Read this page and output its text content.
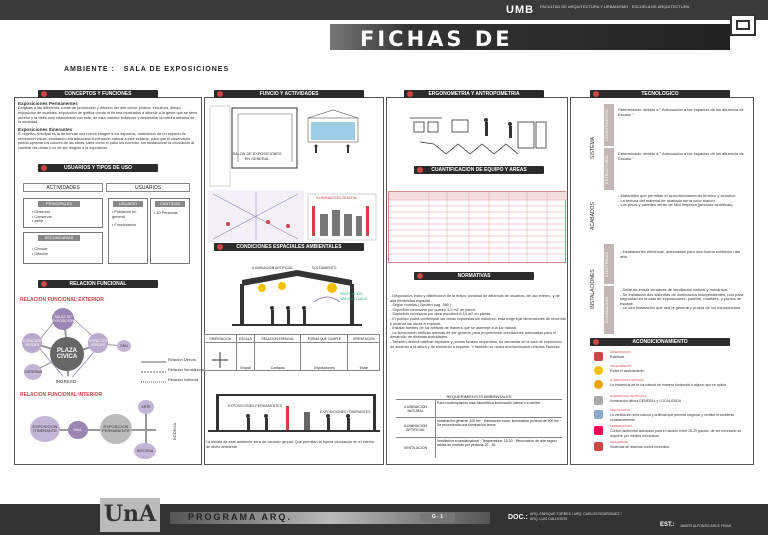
UMB FACULTAD DE ARQUITECTURA Y URBANISMO · ESCUELA DE ARQUITECTURA
FICHAS DE PROGRAMACION
AMBIENTE : SALA DE EXPOSICIONES
CONCEPTOS Y FUNCIONES
Exposiciones Permanentes
Dirigidas a las diferentes zonas de producción y difusión del arte como: pintura, escultura, dibujo, exposición de muebles, exposición de gráfica donde el fin sea mostrados a difundir a la gente que se tiene acceso y la visita muy relacionada con éste, de esta manera fortalecer y desarrollar la cultura artística de la sociedad.
Exposiciones Itinerantes
El objetivo principal es la de brindar una nueva imagen a los espacios, dotándolos de un espacio de recreación visual, brindando una adecuada iluminación natural a este espacio, para que el observador pueda apreciar los colores de las obras, tales como el patio los corredor, sin obstaculizar la circulación al cambiar las obras y no de ser dirigido a la exposición.
USUARIOS Y TIPOS DE USO
ACTIVIDADES
PRINCIPALES
• Observar
• Conservar
• exibir
SECUNDARIAS
• Circular
• Difusión
USUARIOS
USUARIO
• Población en general
• Funcionarios
CANTIDAD
• 30 Personas
RELACION FUNCIONAL
RELACION FUNCIONAL EXTERIOR
SALAS DE EXPOSICION
ESPACIOS VERDES
ESPACIOS VERDES
PLAZA CIVICA
GNU
CISTERNA
INGRESO
Relación Directa
Relación Semidirecta
Relación Indirecta
RELACION FUNCIONAL INTERIOR
EXPOSICION ITINERANTE	HALL
EXPOSICION PERMANENTE
ARTE
HISTORIA
BODEGA
FUNCIO Y ACTIVIDADES
SALON DE EXPOSICIONES EN GENERAL
ILUMINACION ZENITAL
CONDICIONES ESPACIALES AMBIENTALES
ILUMINACION ARTIFICIAL	SOLEAMIENTO
VENTILACION NATURAL DIAGO
ORIENTACION	ESCALA	RELACION ESPACIAL	FORMA QUE CUMPLE	ORIENTACION
	Grupal	Contacto	Exposiciones	Estar
EXPOSICIONES PERMANENTES
EXPOSICIONES ITINERANTES
La escala de este ambiente sera de carácter grupal. Que permitan la buena circulación en el interior de dicho ambiente
ERGONOMETRIA Y ANTROPOMETRIA
CUANTIFICACION DE EQUIPO Y AREAS
NORMATIVAS
- Disposición, inicio y distribución de la mayor cantidad de afluencia de usuarios, de uso interno, y de alta flexibilidad espacial.
- Según normas ( Neufert pag. 366 )
- Superficie necesaria por cuadro 3-5 m2 de pared.
- Superficie necesaria por obra escultura 6-10 m2 en planta.
- El público podrá contemplar las obras expuestas sin esfuerzo, esta exige fijar dimensiones de recorrido y ordenar las obras a exponer.
- Instalar fuentes de luz artificial de manera que se asemeje a la luz natural.
- La iluminación artificial además de ser general, para proporcionar condiciones adecuadas para el desarrollo de distintas actividades.
- También deberá calificar espacios y puntos focales requeridos, en demanda de la sala de exposición de acuerdo a la altura y de elemento a exponer. Y también se usara una iluminación efectos fluorosa.
REQUERIMIENTOS AMBIENTALES
ILUMINACION NATURAL
Para contemplación más fotométrica iluminación lateral o a cenital
ILUMINACION ARTIFICIAL
Iluminación general: 300 lux · Iluminación focal: iluminación puntual de 500 lux · Se recomienda una iluminación tenue
VENTILACION
Ventilación cruzada/natural · Temperatura: 18-20 · Renovación de aire según: tablas de normas por persona 20 - 30
TECNOLOGICO
SISTEMA
CONSTRUCTIVO
ESTRUCTURAL
Determinado: debido a " Adecuación a los espacios de los afluencia de Escaso "
Determinado: debido a " Adecuación a los espacios de los afluencia de Escaso "
ACABADOS
- Materiales que permitan el acondicionamiento térmico y acústico.
- La textura del material de acabado sería color blanco.
- Los pisos y paredes serán de fácil limpieza (pinturas sintéticas)
INSTALACIONES
ELECTRICAS
ILUMINACION
- Instalaciones eléctricas, adecuadas para una buena exhibición del arte.
- Debe de existir ventanas de ventilación natural y mecánica.
- Se instalaran dos sistemas de iluminación independientes, uno para seguridad en la sala de exposiciones, pasillos, muebles, y puntos de escape.
- La otra instalación que sea la general y propia de los exposiciones.
ACONDICIONAMIENTO
ORIENTACION
Estéticas
SOLEAMIENTO
Evitar el asoleamiento
ILUMINACION NATURAL
La incidencia de la luz natural de manera horizontal o alguno que se aplica
ILUMINACION ARTIFICIAL
Iluminación difusa GENERAL y LOCALIZADA
VENTILACION
La ventilación sera natural y artificial que permita oxigenar y ventilar el ambiente constantemente.
TEMPERATURA
Confort ambiental adecuado para el usuario entre 18-20 grados, de ser necesario se requiere por medios mecánicos.
SEGURIDAD
Sistemas de alarmas contra incendios
UnA	PROGRAMA ARQ.	G - 1	DOC.: ARQ. ENRIQUE TORRES / ARQ. CARLOS RODRIGUEZ / ARQ. LUIS GALLEGOS
EST.: JAVIER ALFONSO ARCE FRIAS
